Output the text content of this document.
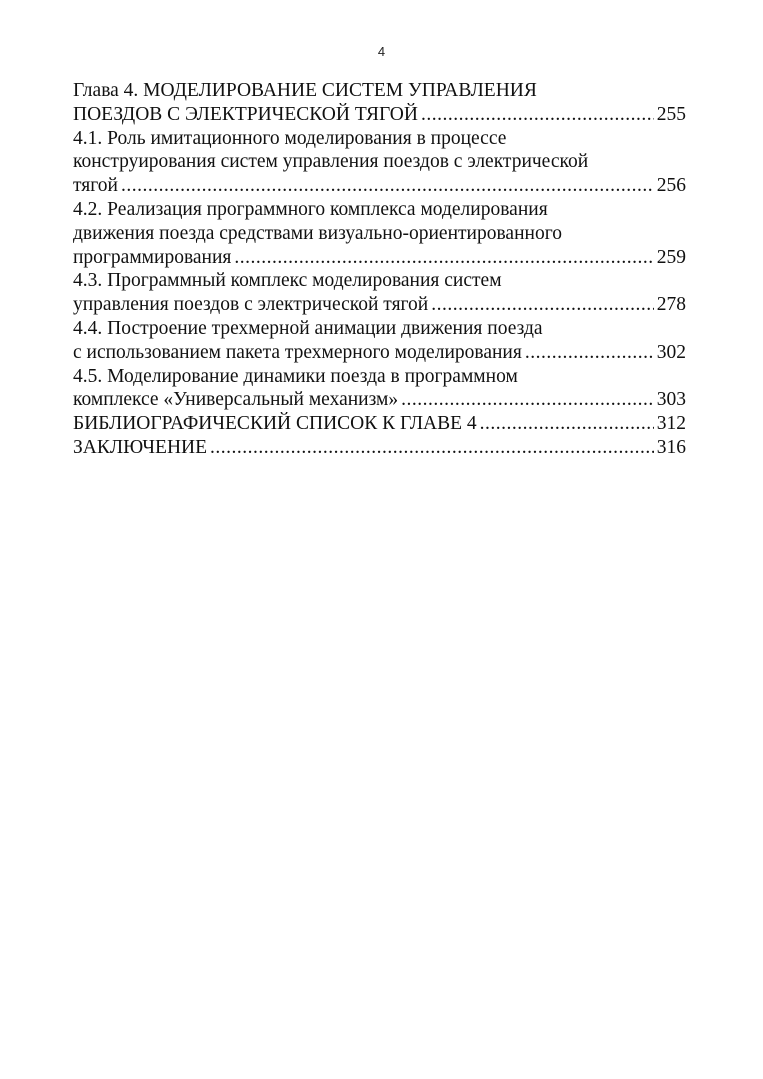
4
Глава 4. МОДЕЛИРОВАНИЕ СИСТЕМ УПРАВЛЕНИЯ
ПОЕЗДОВ С ЭЛЕКТРИЧЕСКОЙ ТЯГОЙ .....	255
4.1. Роль имитационного моделирования в процессе
конструирования систем управления поездов с электрической
тягой .....	256
4.2. Реализация программного комплекса моделирования
движения поезда средствами визуально-ориентированного
программирования .....	259
4.3. Программный комплекс моделирования систем
управления поездов с электрической тягой .....	278
4.4. Построение трехмерной анимации движения поезда
с использованием пакета трехмерного моделирования .....	302
4.5. Моделирование динамики поезда в программном
комплексе «Универсальный механизм» .....	303
БИБЛИОГРАФИЧЕСКИЙ СПИСОК К ГЛАВЕ 4 .....	312
ЗАКЛЮЧЕНИЕ .....	316
